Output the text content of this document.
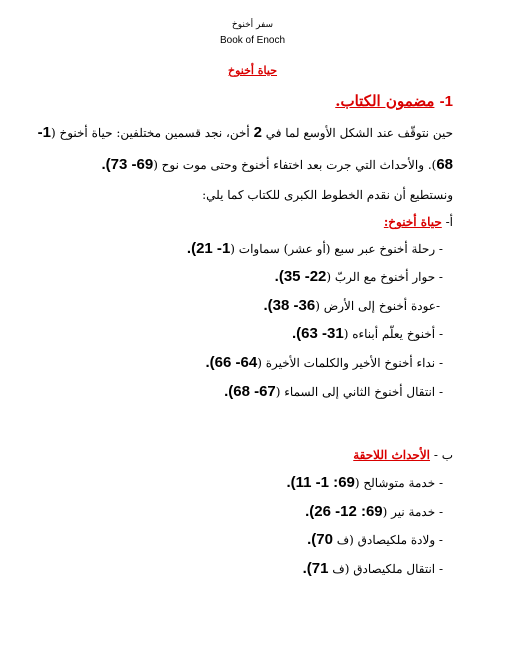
سفر أخنوخ
Book of Enoch
حياة أخنوخ
1- مضمون الكتاب.
حين نتوقّف عند الشكل الأوسع لما في 2 أخن، نجد قسمين مختلفين: حياة أخنوخ (1-
68). والأحداث التي جرت بعد اختفاء أخنوخ وحتى موت نوح (69- 73).
ونستطيع أن نقدم الخطوط الكبرى للكتاب كما يلي:
أ- حياة أخنوخ:
- رحلة أخنوخ عبر سبع (أو عشر) سماوات (1- 21).
- حوار أخنوخ مع الربّ (22- 35).
-عودة أخنوخ إلى الأرض (36- 38).
- أخنوخ يعلّم أبناءه (31- 63).
- نداء أخنوخ الأخير والكلمات الأخيرة (64- 66).
- انتقال أخنوخ الثاني إلى السماء (67- 68).
ب - الأحداث اللاحقة
- خدمة متوشالح (69: 1- 11).
- خدمة نير (69: 12- 26).
- ولادة ملكيصادق (ف 70).
- انتقال ملكيصادق (ف 71).
